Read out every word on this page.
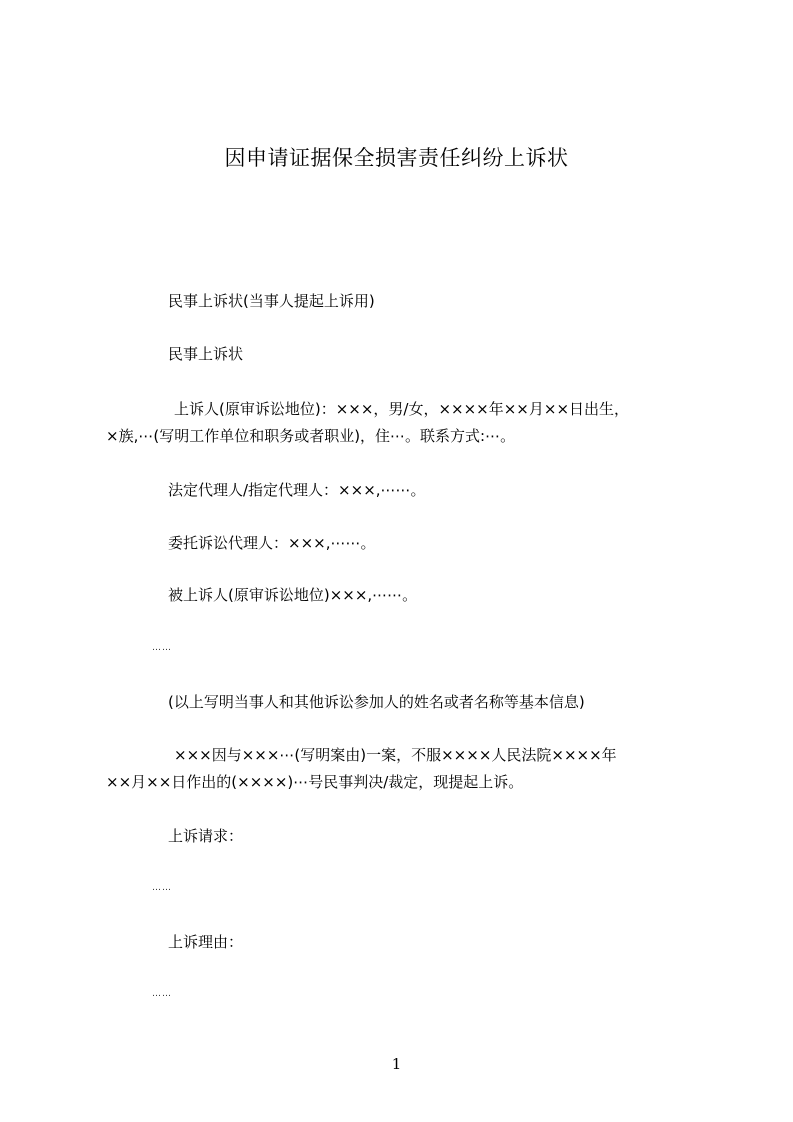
因申请证据保全损害责任纠纷上诉状
民事上诉状(当事人提起上诉用)
民事上诉状
上诉人(原审诉讼地位)：×××，男/女，××××年××月××日出生，
×族,⋯(写明工作单位和职务或者职业)，住⋯。联系方式:⋯。
法定代理人/指定代理人：×××,⋯⋯。
委托诉讼代理人：×××,⋯⋯。
被上诉人(原审诉讼地位)×××,⋯⋯。
……
(以上写明当事人和其他诉讼参加人的姓名或者名称等基本信息)
×××因与×××⋯(写明案由)一案，不服××××人民法院××××年
××月××日作出的(××××)⋯号民事判决/裁定，现提起上诉。
上诉请求：
……
上诉理由：
……
1
